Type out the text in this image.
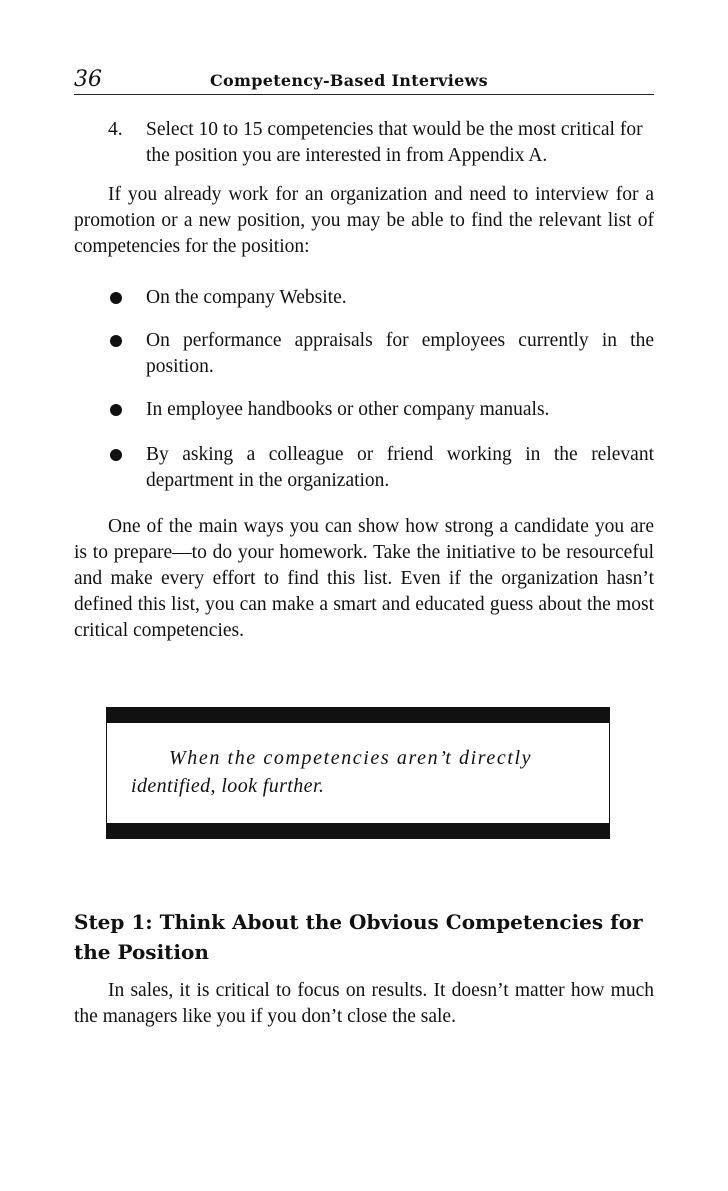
36	Competency-Based Interviews
4. Select 10 to 15 competencies that would be the most critical for the position you are interested in from Appendix A.
If you already work for an organization and need to interview for a promotion or a new position, you may be able to find the relevant list of competencies for the position:
On the company Website.
On performance appraisals for employees currently in the position.
In employee handbooks or other company manuals.
By asking a colleague or friend working in the relevant department in the organization.
One of the main ways you can show how strong a candidate you are is to prepare—to do your homework. Take the initiative to be resourceful and make every effort to find this list. Even if the organization hasn’t defined this list, you can make a smart and educated guess about the most critical competencies.
When the competencies aren’t directly
identified, look further.
Step 1: Think About the Obvious Competencies for the Position
In sales, it is critical to focus on results. It doesn’t matter how much the managers like you if you don’t close the sale.
